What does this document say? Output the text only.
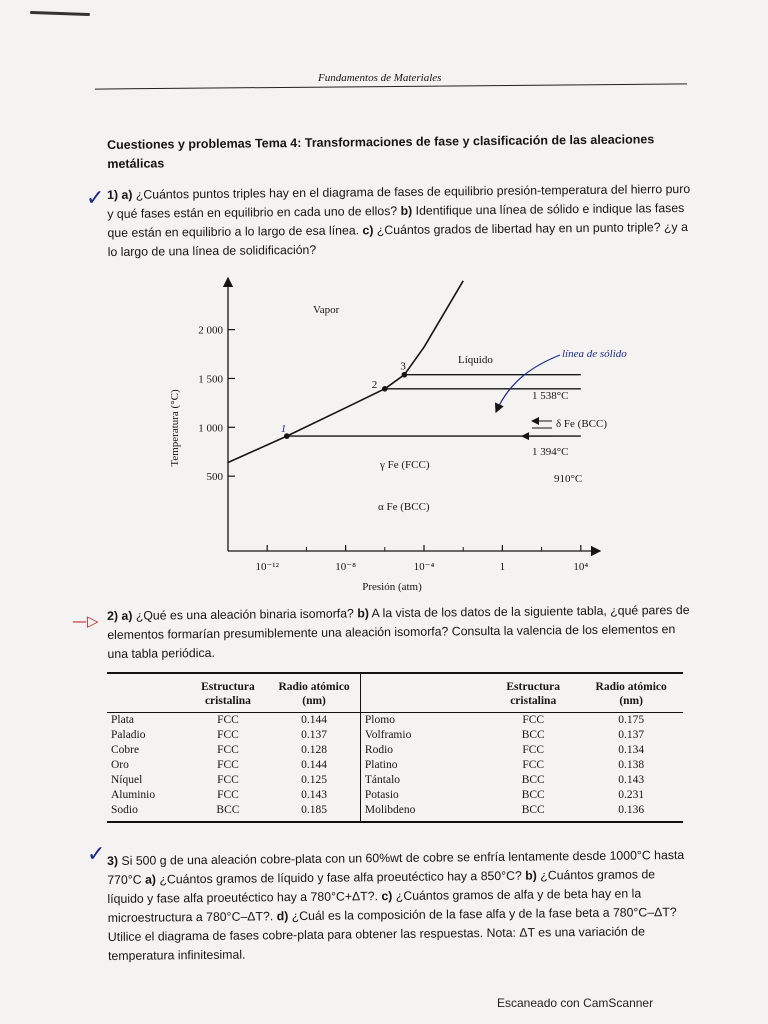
Fundamentos de Materiales
Cuestiones y problemas Tema 4: Transformaciones de fase y clasificación de las aleaciones metálicas
✓ 1) a) ¿Cuántos puntos triples hay en el diagrama de fases de equilibrio presión-temperatura del hierro puro y qué fases están en equilibrio en cada uno de ellos? b) Identifique una línea de sólido e indique las fases que están en equilibrio a lo largo de esa línea. c) ¿Cuántos grados de libertad hay en un punto triple? ¿y a lo largo de una línea de solidificación?
2 000
1 500
1 000
500
10⁻¹²	10⁻⁸	10⁻⁴	1	10⁴
1
2
3
Vapor
Líquido
γ Fe (FCC)
α Fe (BCC)
1 538°C
1 394°C
910°C
δ Fe (BCC)
Presión (atm)
Temperatura (°C)
línea de sólido
—▷ 2) a) ¿Qué es una aleación binaria isomorfa? b) A la vista de los datos de la siguiente tabla, ¿qué pares de elementos formarían presumiblemente una aleación isomorfa? Consulta la valencia de los elementos en una tabla periódica.
	Estructura cristalina	Radio atómico (nm)		Estructura cristalina	Radio atómico (nm)
Plata	FCC	0.144	Plomo	FCC	0.175
Paladio	FCC	0.137	Volframio	BCC	0.137
Cobre	FCC	0.128	Rodio	FCC	0.134
Oro	FCC	0.144	Platino	FCC	0.138
Níquel	FCC	0.125	Tántalo	BCC	0.143
Aluminio	FCC	0.143	Potasio	BCC	0.231
Sodio	BCC	0.185	Molibdeno	BCC	0.136
✓ 3) Si 500 g de una aleación cobre-plata con un 60%wt de cobre se enfría lentamente desde 1000°C hasta 770°C a) ¿Cuántos gramos de líquido y fase alfa proeutéctico hay a 850°C? b) ¿Cuántos gramos de líquido y fase alfa proeutéctico hay a 780°C+ΔT?. c) ¿Cuántos gramos de alfa y de beta hay en la microestructura a 780°C–ΔT?. d) ¿Cuál es la composición de la fase alfa y de la fase beta a 780°C–ΔT? Utilice el diagrama de fases cobre-plata para obtener las respuestas. Nota: ΔT es una variación de temperatura infinitesimal.
Escaneado con CamScanner
